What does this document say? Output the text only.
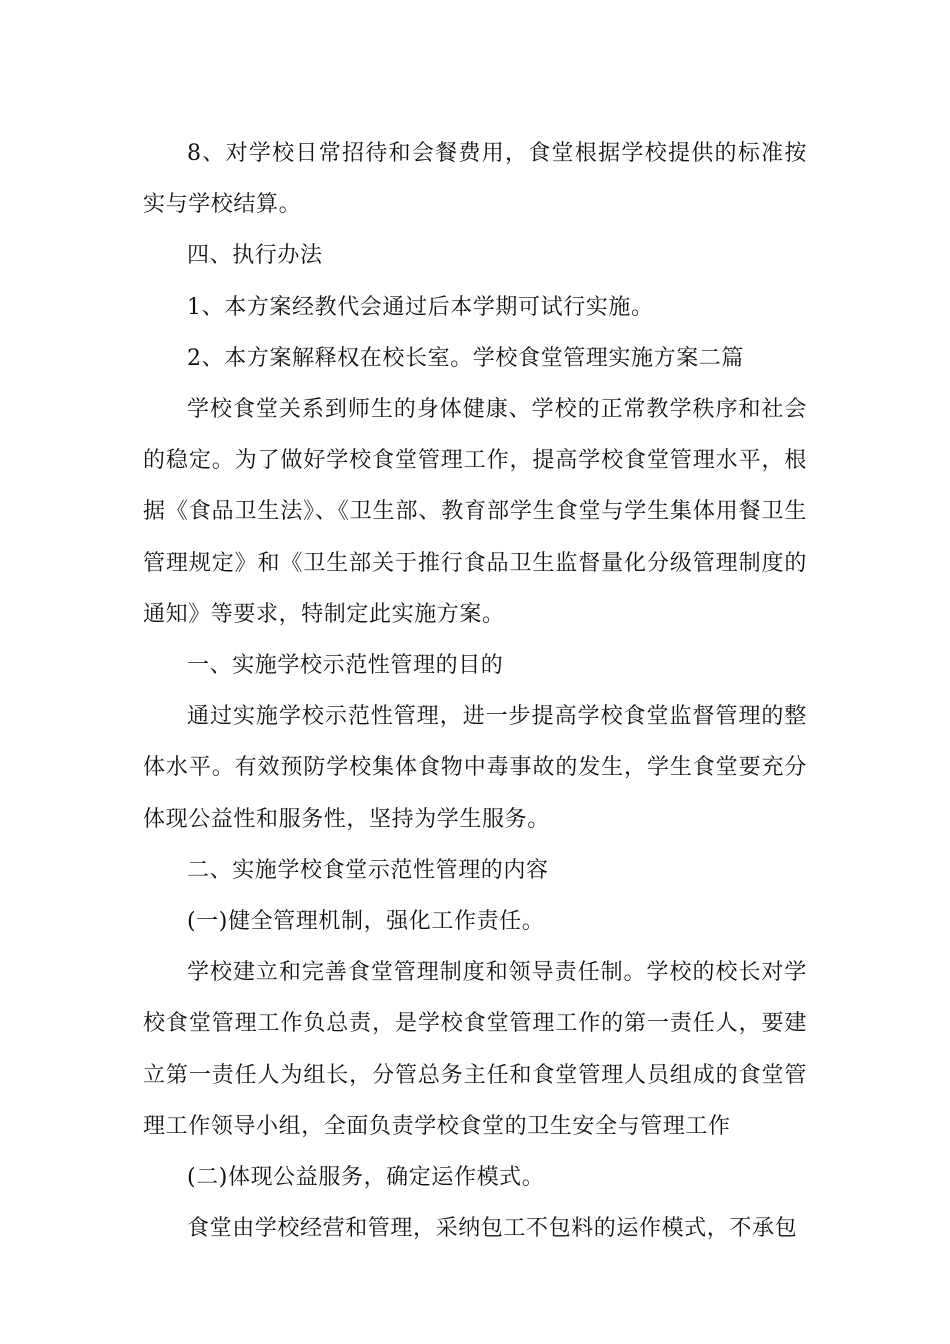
8、对学校日常招待和会餐费用，食堂根据学校提供的标准按实与学校结算。

四、执行办法

1、本方案经教代会通过后本学期可试行实施。

2、本方案解释权在校长室。学校食堂管理实施方案二篇

学校食堂关系到师生的身体健康、学校的正常教学秩序和社会的稳定。为了做好学校食堂管理工作，提高学校食堂管理水平，根据《食品卫生法》、《卫生部、教育部学生食堂与学生集体用餐卫生管理规定》和《卫生部关于推行食品卫生监督量化分级管理制度的通知》等要求，特制定此实施方案。

一、实施学校示范性管理的目的

通过实施学校示范性管理，进一步提高学校食堂监督管理的整体水平。有效预防学校集体食物中毒事故的发生，学生食堂要充分体现公益性和服务性，坚持为学生服务。

二、实施学校食堂示范性管理的内容

(一)健全管理机制，强化工作责任。

学校建立和完善食堂管理制度和领导责任制。学校的校长对学校食堂管理工作负总责，是学校食堂管理工作的第一责任人，要建立第一责任人为组长，分管总务主任和食堂管理人员组成的食堂管理工作领导小组，全面负责学校食堂的卫生安全与管理工作

(二)体现公益服务，确定运作模式。

食堂由学校经营和管理，采纳包工不包料的运作模式，不承包
